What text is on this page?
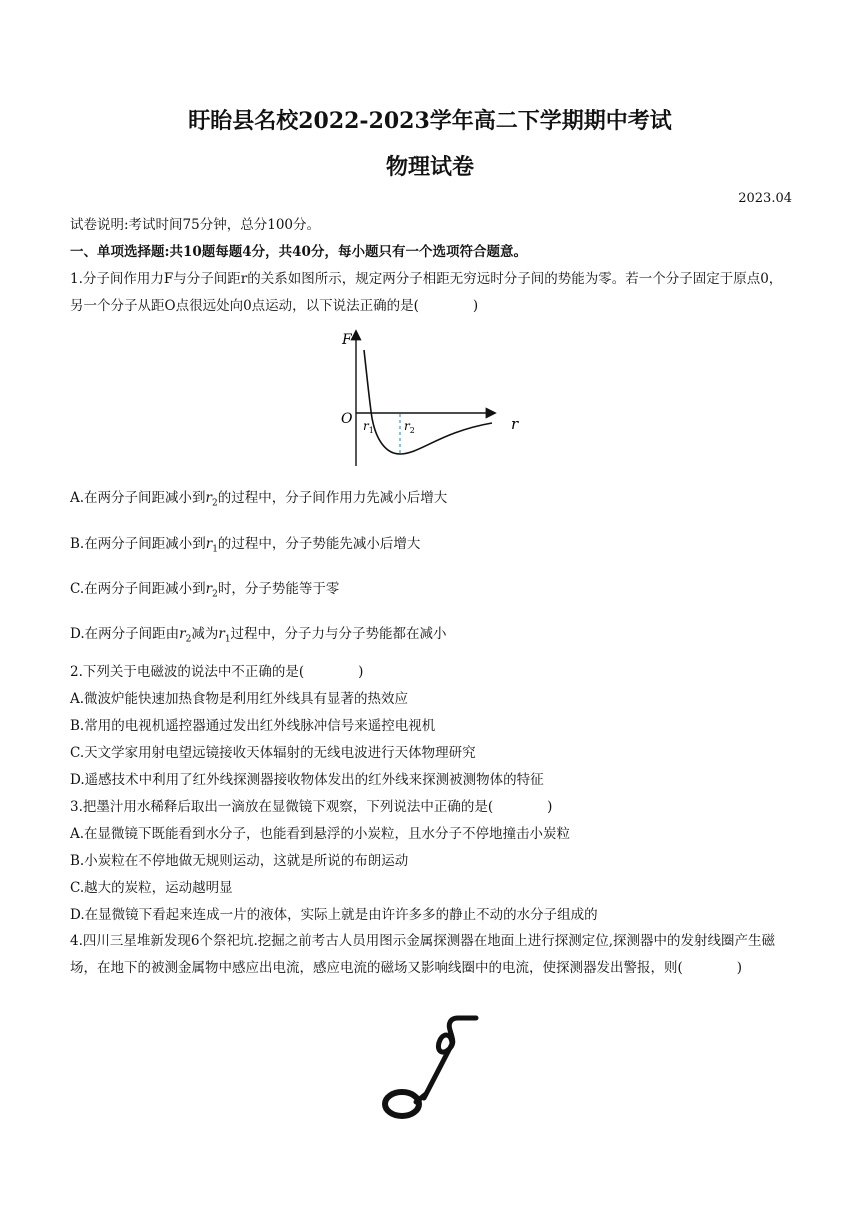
盱眙县名校2022-2023学年高二下学期期中考试
物理试卷
2023.04
试卷说明:考试时间75分钟，总分100分。
一、单项选择题:共10题每题4分，共40分，每小题只有一个选项符合题意。
1.分子间作用力F与分子间距r的关系如图所示，规定两分子相距无穷远时分子间的势能为零。若一个分子固定于原点0，另一个分子从距O点很远处向0点运动，以下说法正确的是(　　　　)
F
O	r
$r_1$	$r_2$
A.在两分子间距减小到$r_2$的过程中，分子间作用力先减小后增大
B.在两分子间距减小到$r_1$的过程中，分子势能先减小后增大
C.在两分子间距减小到$r_2$时，分子势能等于零
D.在两分子间距由$r_2$减为$r_1$过程中，分子力与分子势能都在减小
2.下列关于电磁波的说法中不正确的是(　　　　)
A.微波炉能快速加热食物是利用红外线具有显著的热效应
B.常用的电视机遥控器通过发出红外线脉冲信号来遥控电视机
C.天文学家用射电望远镜接收天体辐射的无线电波进行天体物理研究
D.遥感技术中利用了红外线探测器接收物体发出的红外线来探测被测物体的特征
3.把墨汁用水稀释后取出一滴放在显微镜下观察，下列说法中正确的是(　　　　)
A.在显微镜下既能看到水分子，也能看到悬浮的小炭粒，且水分子不停地撞击小炭粒
B.小炭粒在不停地做无规则运动，这就是所说的布朗运动
C.越大的炭粒，运动越明显
D.在显微镜下看起来连成一片的液体，实际上就是由许许多多的静止不动的水分子组成的
4.四川三星堆新发现6个祭祀坑.挖掘之前考古人员用图示金属探测器在地面上进行探测定位,探测器中的发射线圈产生磁场，在地下的被测金属物中感应出电流，感应电流的磁场又影响线圈中的电流，使探测器发出警报，则(　　　　)
